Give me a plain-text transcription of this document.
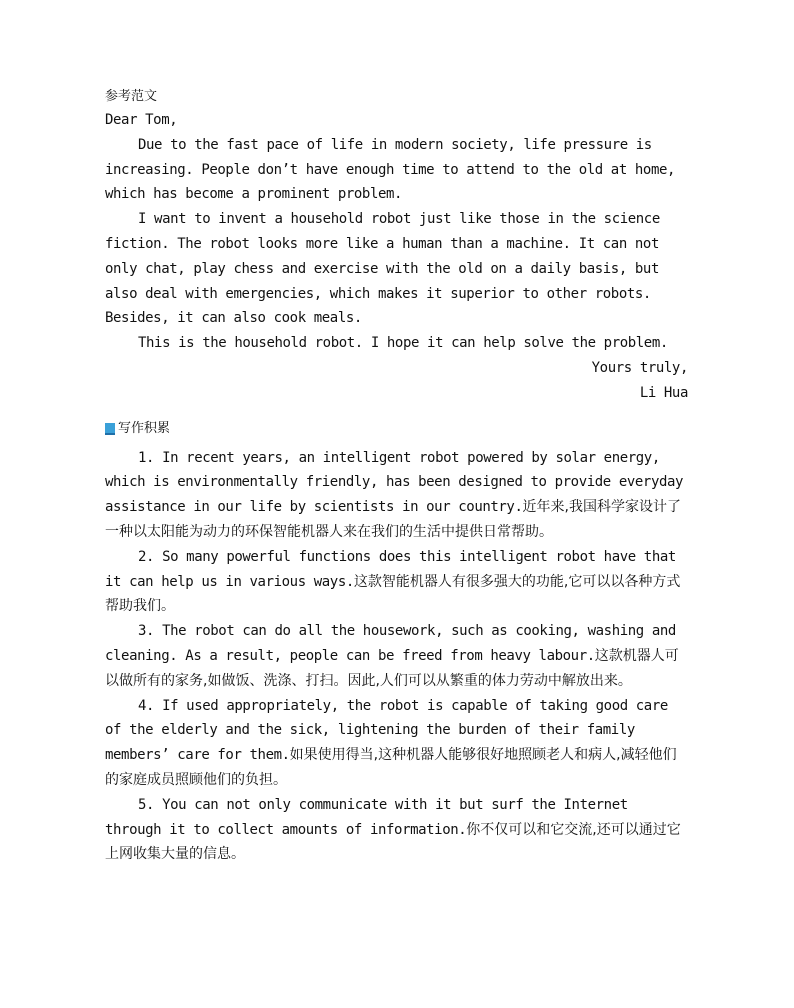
参考范文

Dear Tom,

Due to the fast pace of life in modern society, life pressure is increasing. People don’t have enough time to attend to the old at home, which has become a prominent problem.

I want to invent a household robot just like those in the science fiction. The robot looks more like a human than a machine. It can not only chat, play chess and exercise with the old on a daily basis, but also deal with emergencies, which makes it superior to other robots. Besides, it can also cook meals.

This is the household robot. I hope it can help solve the problem.

Yours truly,

Li Hua

写作积累

1. In recent years, an intelligent robot powered by solar energy, which is environmentally friendly, has been designed to provide everyday assistance in our life by scientists in our country.近年来,我国科学家设计了一种以太阳能为动力的环保智能机器人来在我们的生活中提供日常帮助。

2. So many powerful functions does this intelligent robot have that it can help us in various ways.这款智能机器人有很多强大的功能,它可以以各种方式帮助我们。

3. The robot can do all the housework, such as cooking, washing and cleaning. As a result, people can be freed from heavy labour.这款机器人可以做所有的家务,如做饭、洗涤、打扫。因此,人们可以从繁重的体力劳动中解放出来。

4. If used appropriately, the robot is capable of taking good care of the elderly and the sick, lightening the burden of their family members’ care for them.如果使用得当,这种机器人能够很好地照顾老人和病人,减轻他们的家庭成员照顾他们的负担。

5. You can not only communicate with it but surf the Internet through it to collect amounts of information.你不仅可以和它交流,还可以通过它上网收集大量的信息。
